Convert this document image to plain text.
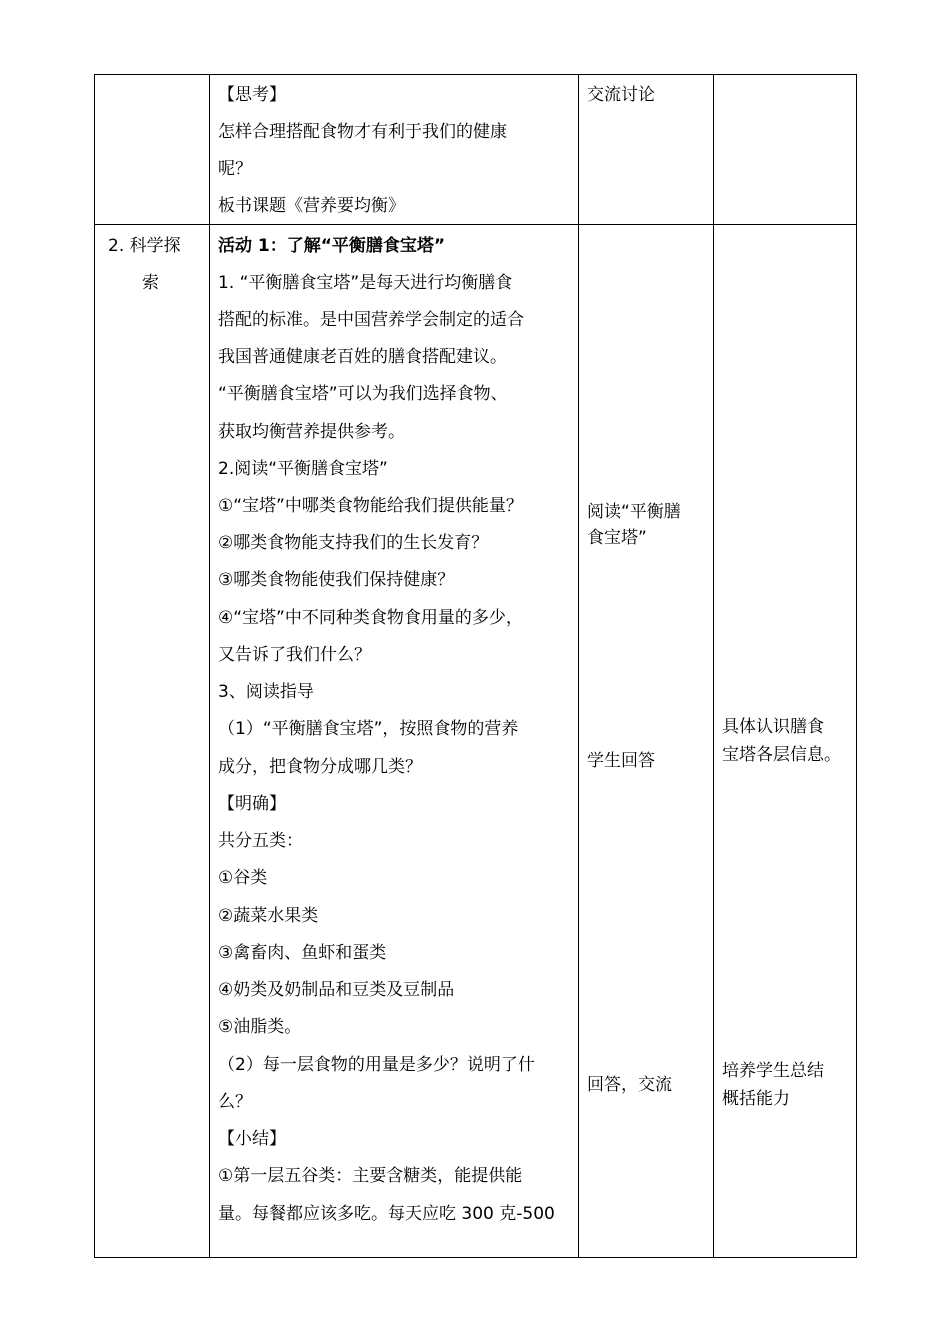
【思考】
怎样合理搭配食物才有利于我们的健康
呢？
板书课题《营养要均衡》
交流讨论
2. 科学探
索
活动 1：了解“平衡膳食宝塔”
1. “平衡膳食宝塔”是每天进行均衡膳食
搭配的标准。是中国营养学会制定的适合
我国普通健康老百姓的膳食搭配建议。
“平衡膳食宝塔”可以为我们选择食物、
获取均衡营养提供参考。
2.阅读“平衡膳食宝塔”
①“宝塔”中哪类食物能给我们提供能量？
②哪类食物能支持我们的生长发育？
③哪类食物能使我们保持健康？
④“宝塔”中不同种类食物食用量的多少，
又告诉了我们什么？
3、阅读指导
（1）“平衡膳食宝塔”，按照食物的营养
成分，把食物分成哪几类？
【明确】
共分五类：
①谷类
②蔬菜水果类
③禽畜肉、鱼虾和蛋类
④奶类及奶制品和豆类及豆制品
⑤油脂类。
（2）每一层食物的用量是多少？说明了什
么？
【小结】
①第一层五谷类：主要含糖类，能提供能
量。每餐都应该多吃。每天应吃 300 克-500
阅读“平衡膳
食宝塔”
学生回答
回答，交流
具体认识膳食
宝塔各层信息。
培养学生总结
概括能力
